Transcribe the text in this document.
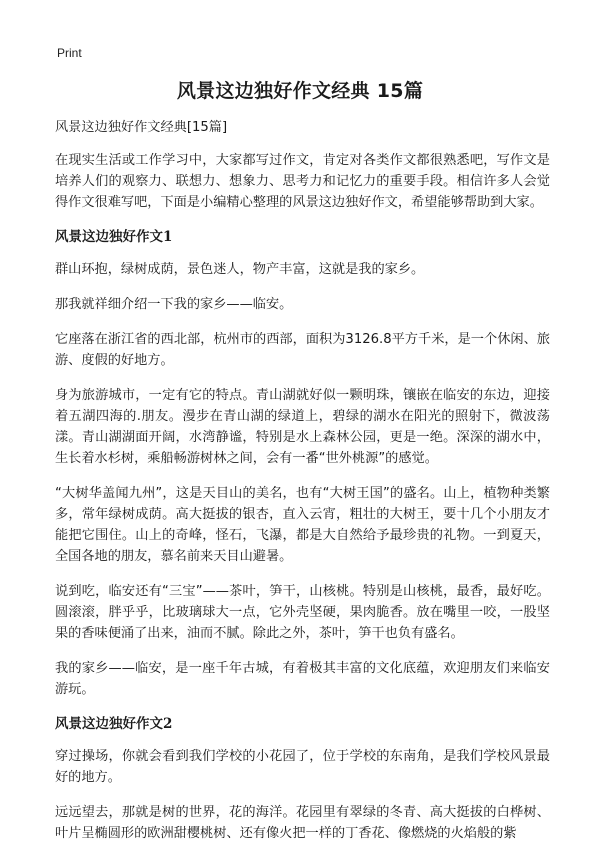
Print
风景这边独好作文经典 15篇
风景这边独好作文经典[15篇]

在现实生活或工作学习中，大家都写过作文，肯定对各类作文都很熟悉吧，写作文是培养人们的观察力、联想力、想象力、思考力和记忆力的重要手段。相信许多人会觉得作文很难写吧，下面是小编精心整理的风景这边独好作文，希望能够帮助到大家。

风景这边独好作文1

群山环抱，绿树成荫，景色迷人，物产丰富，这就是我的家乡。

那我就祥细介绍一下我的家乡——临安。

它座落在浙江省的西北部，杭州市的西部，面积为3126.8平方千米，是一个休闲、旅游、度假的好地方。

身为旅游城市，一定有它的特点。青山湖就好似一颗明珠，镶嵌在临安的东边，迎接着五湖四海的.朋友。漫步在青山湖的绿道上，碧绿的湖水在阳光的照射下，微波荡漾。青山湖湖面开阔，水湾静谧，特别是水上森林公园，更是一绝。深深的湖水中，生长着水杉树，乘船畅游树林之间，会有一番“世外桃源”的感觉。

“大树华盖闻九州”，这是天目山的美名，也有“大树王国”的盛名。山上，植物种类繁多，常年绿树成荫。高大挺拔的银杏，直入云宵，粗壮的大树王，要十几个小朋友才能把它围住。山上的奇峰，怪石，飞瀑，都是大自然给予最珍贵的礼物。一到夏天，全国各地的朋友，慕名前来天目山避暑。

说到吃，临安还有“三宝”——茶叶，笋干，山核桃。特别是山核桃，最香，最好吃。圆滚滚，胖乎乎，比玻璃球大一点，它外壳坚硬，果肉脆香。放在嘴里一咬，一股坚果的香味便涌了出来，油而不腻。除此之外，茶叶，笋干也负有盛名。

我的家乡——临安，是一座千年古城，有着极其丰富的文化底蕴，欢迎朋友们来临安游玩。

风景这边独好作文2

穿过操场，你就会看到我们学校的小花园了，位于学校的东南角，是我们学校风景最好的地方。

远远望去，那就是树的世界，花的海洋。花园里有翠绿的冬青、高大挺拔的白桦树、叶片呈椭圆形的欧洲甜樱桃树、还有像火把一样的丁香花、像燃烧的火焰般的紫
